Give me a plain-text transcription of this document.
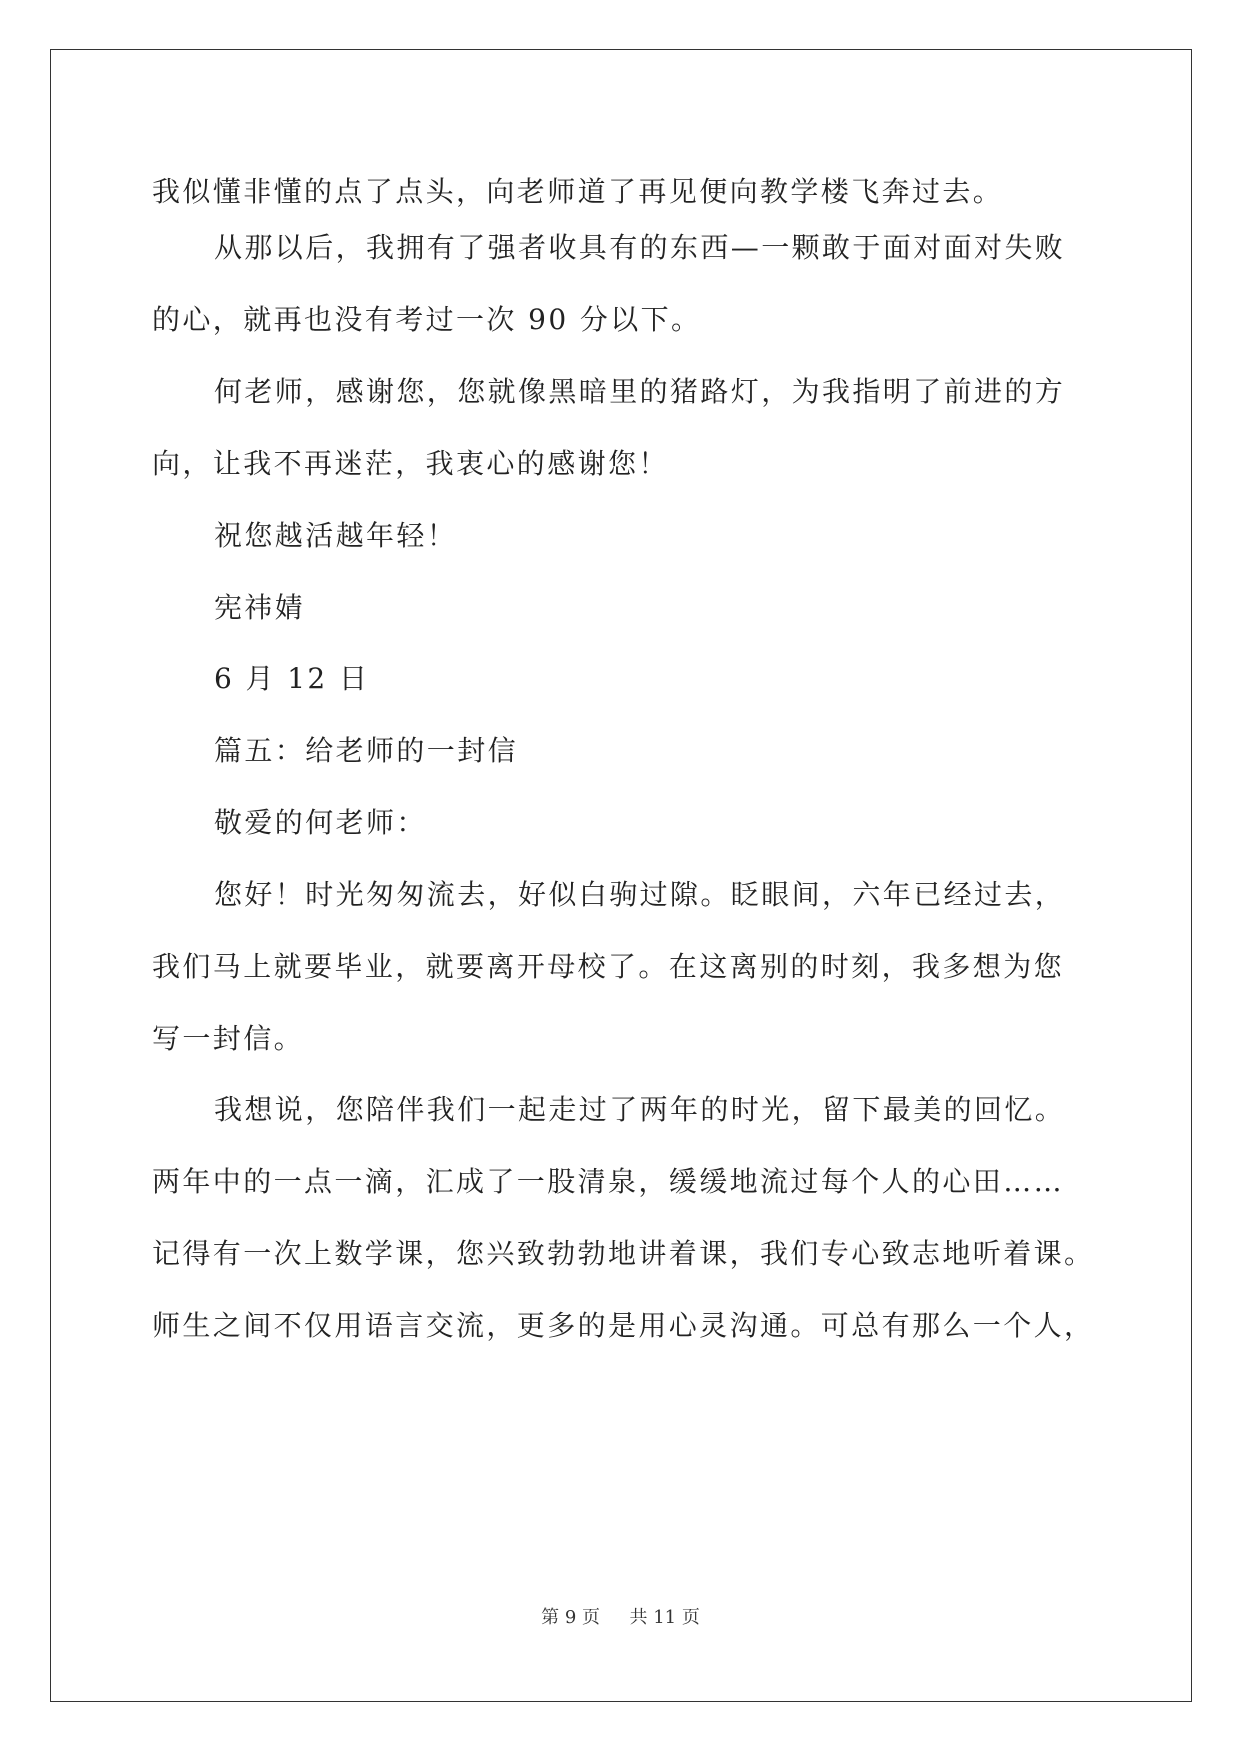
我似懂非懂的点了点头，向老师道了再见便向教学楼飞奔过去。
从那以后，我拥有了强者收具有的东西—一颗敢于面对面对失败
的心，就再也没有考过一次 90 分以下。
何老师，感谢您，您就像黑暗里的猪路灯，为我指明了前进的方
向，让我不再迷茫，我衷心的感谢您！
祝您越活越年轻！
宪祎婧
6 月 12 日
篇五：给老师的一封信
敬爱的何老师：
您好！时光匆匆流去，好似白驹过隙。眨眼间，六年已经过去，
我们马上就要毕业，就要离开母校了。在这离别的时刻，我多想为您
写一封信。
我想说，您陪伴我们一起走过了两年的时光，留下最美的回忆。
两年中的一点一滴，汇成了一股清泉，缓缓地流过每个人的心田……
记得有一次上数学课，您兴致勃勃地讲着课，我们专心致志地听着课。
师生之间不仅用语言交流，更多的是用心灵沟通。可总有那么一个人，
第 9 页 共 11 页
